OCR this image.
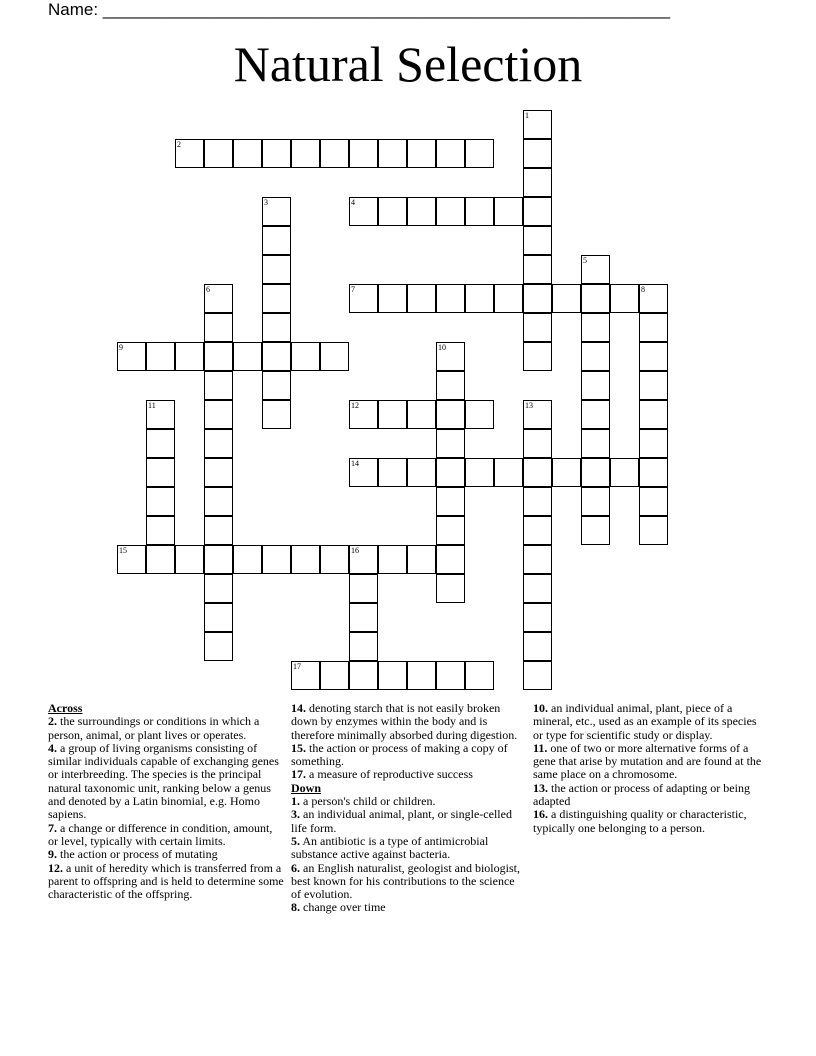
Name: ____________________________________________________________
Natural Selection
1
2
3	4
5
6	7	8
9	10
11	12	13
14
15	16
17

Across

2. the surroundings or conditions in which a person, animal, or plant lives or operates.

4. a group of living organisms consisting of similar individuals capable of exchanging genes or interbreeding. The species is the principal natural taxonomic unit, ranking below a genus and denoted by a Latin binomial, e.g. Homo sapiens.

7. a change or difference in condition, amount, or level, typically with certain limits.

9. the action or process of mutating

12. a unit of heredity which is transferred from a parent to offspring and is held to determine some characteristic of the offspring.

14. denoting starch that is not easily broken down by enzymes within the body and is therefore minimally absorbed during digestion.

15. the action or process of making a copy of something.

17. a measure of reproductive success

Down

1. a person's child or children.

3. an individual animal, plant, or single-celled life form.

5. An antibiotic is a type of antimicrobial substance active against bacteria.

6. an English naturalist, geologist and biologist, best known for his contributions to the science of evolution.

8. change over time

10. an individual animal, plant, piece of a mineral, etc., used as an example of its species or type for scientific study or display.

11. one of two or more alternative forms of a gene that arise by mutation and are found at the same place on a chromosome.

13. the action or process of adapting or being adapted

16. a distinguishing quality or characteristic, typically one belonging to a person.
